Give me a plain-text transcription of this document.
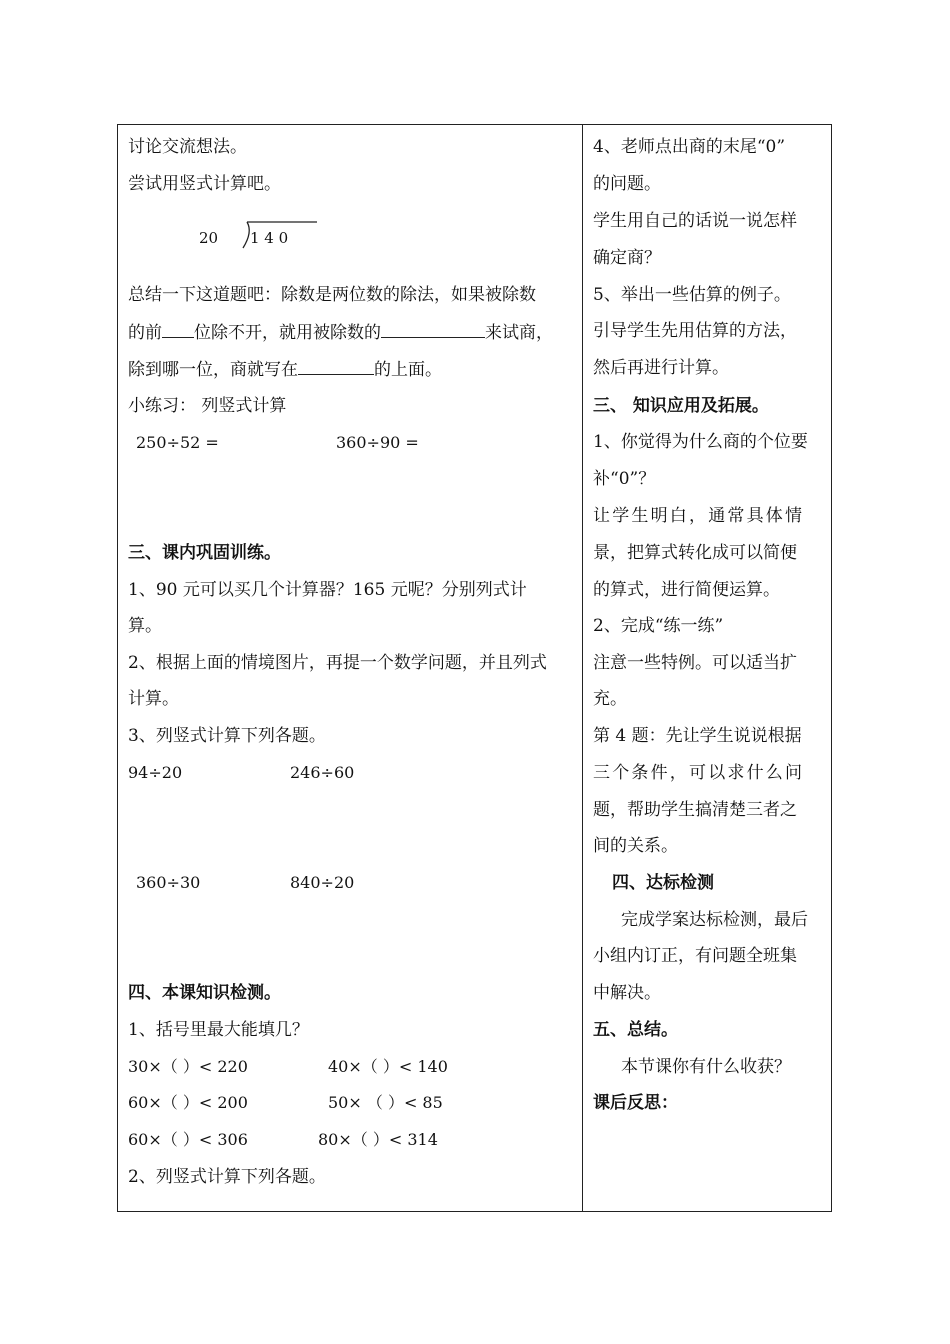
讨论交流想法。
尝试用竖式计算吧。
20 1 4 0
总结一下这道题吧：除数是两位数的除法，如果被除数
的前 位除不开，就用被除数的	来试商，
除到哪一位，商就写在	的上面。
小练习： 列竖式计算
250÷52 =	360÷90 =
三、课内巩固训练。
1、90 元可以买几个计算器？165 元呢？分别列式计
算。
2、根据上面的情境图片，再提一个数学问题，并且列式
计算。
3、列竖式计算下列各题。
94÷20	246÷60
360÷30	840÷20
四、本课知识检测。
1、括号里最大能填几？
30×（ ）< 220	40×（ ）< 140
60×（ ）< 200	50× （ ）< 85
60×（ ）< 306	80×（ ）< 314
2、列竖式计算下列各题。
4、老师点出商的末尾“0”
的问题。
学生用自己的话说一说怎样
确定商？
5、举出一些估算的例子。
引导学生先用估算的方法，
然后再进行计算。
三、 知识应用及拓展。
1、你觉得为什么商的个位要
补“0”？
让学生明白，通常具体情
景，把算式转化成可以简便
的算式，进行简便运算。
2、完成“练一练”
注意一些特例。可以适当扩
充。
第 4 题：先让学生说说根据
三个条件，可以求什么问
题，帮助学生搞清楚三者之
间的关系。
四、达标检测
完成学案达标检测，最后
小组内订正，有问题全班集
中解决。
五、总结。
本节课你有什么收获？
课后反思：
